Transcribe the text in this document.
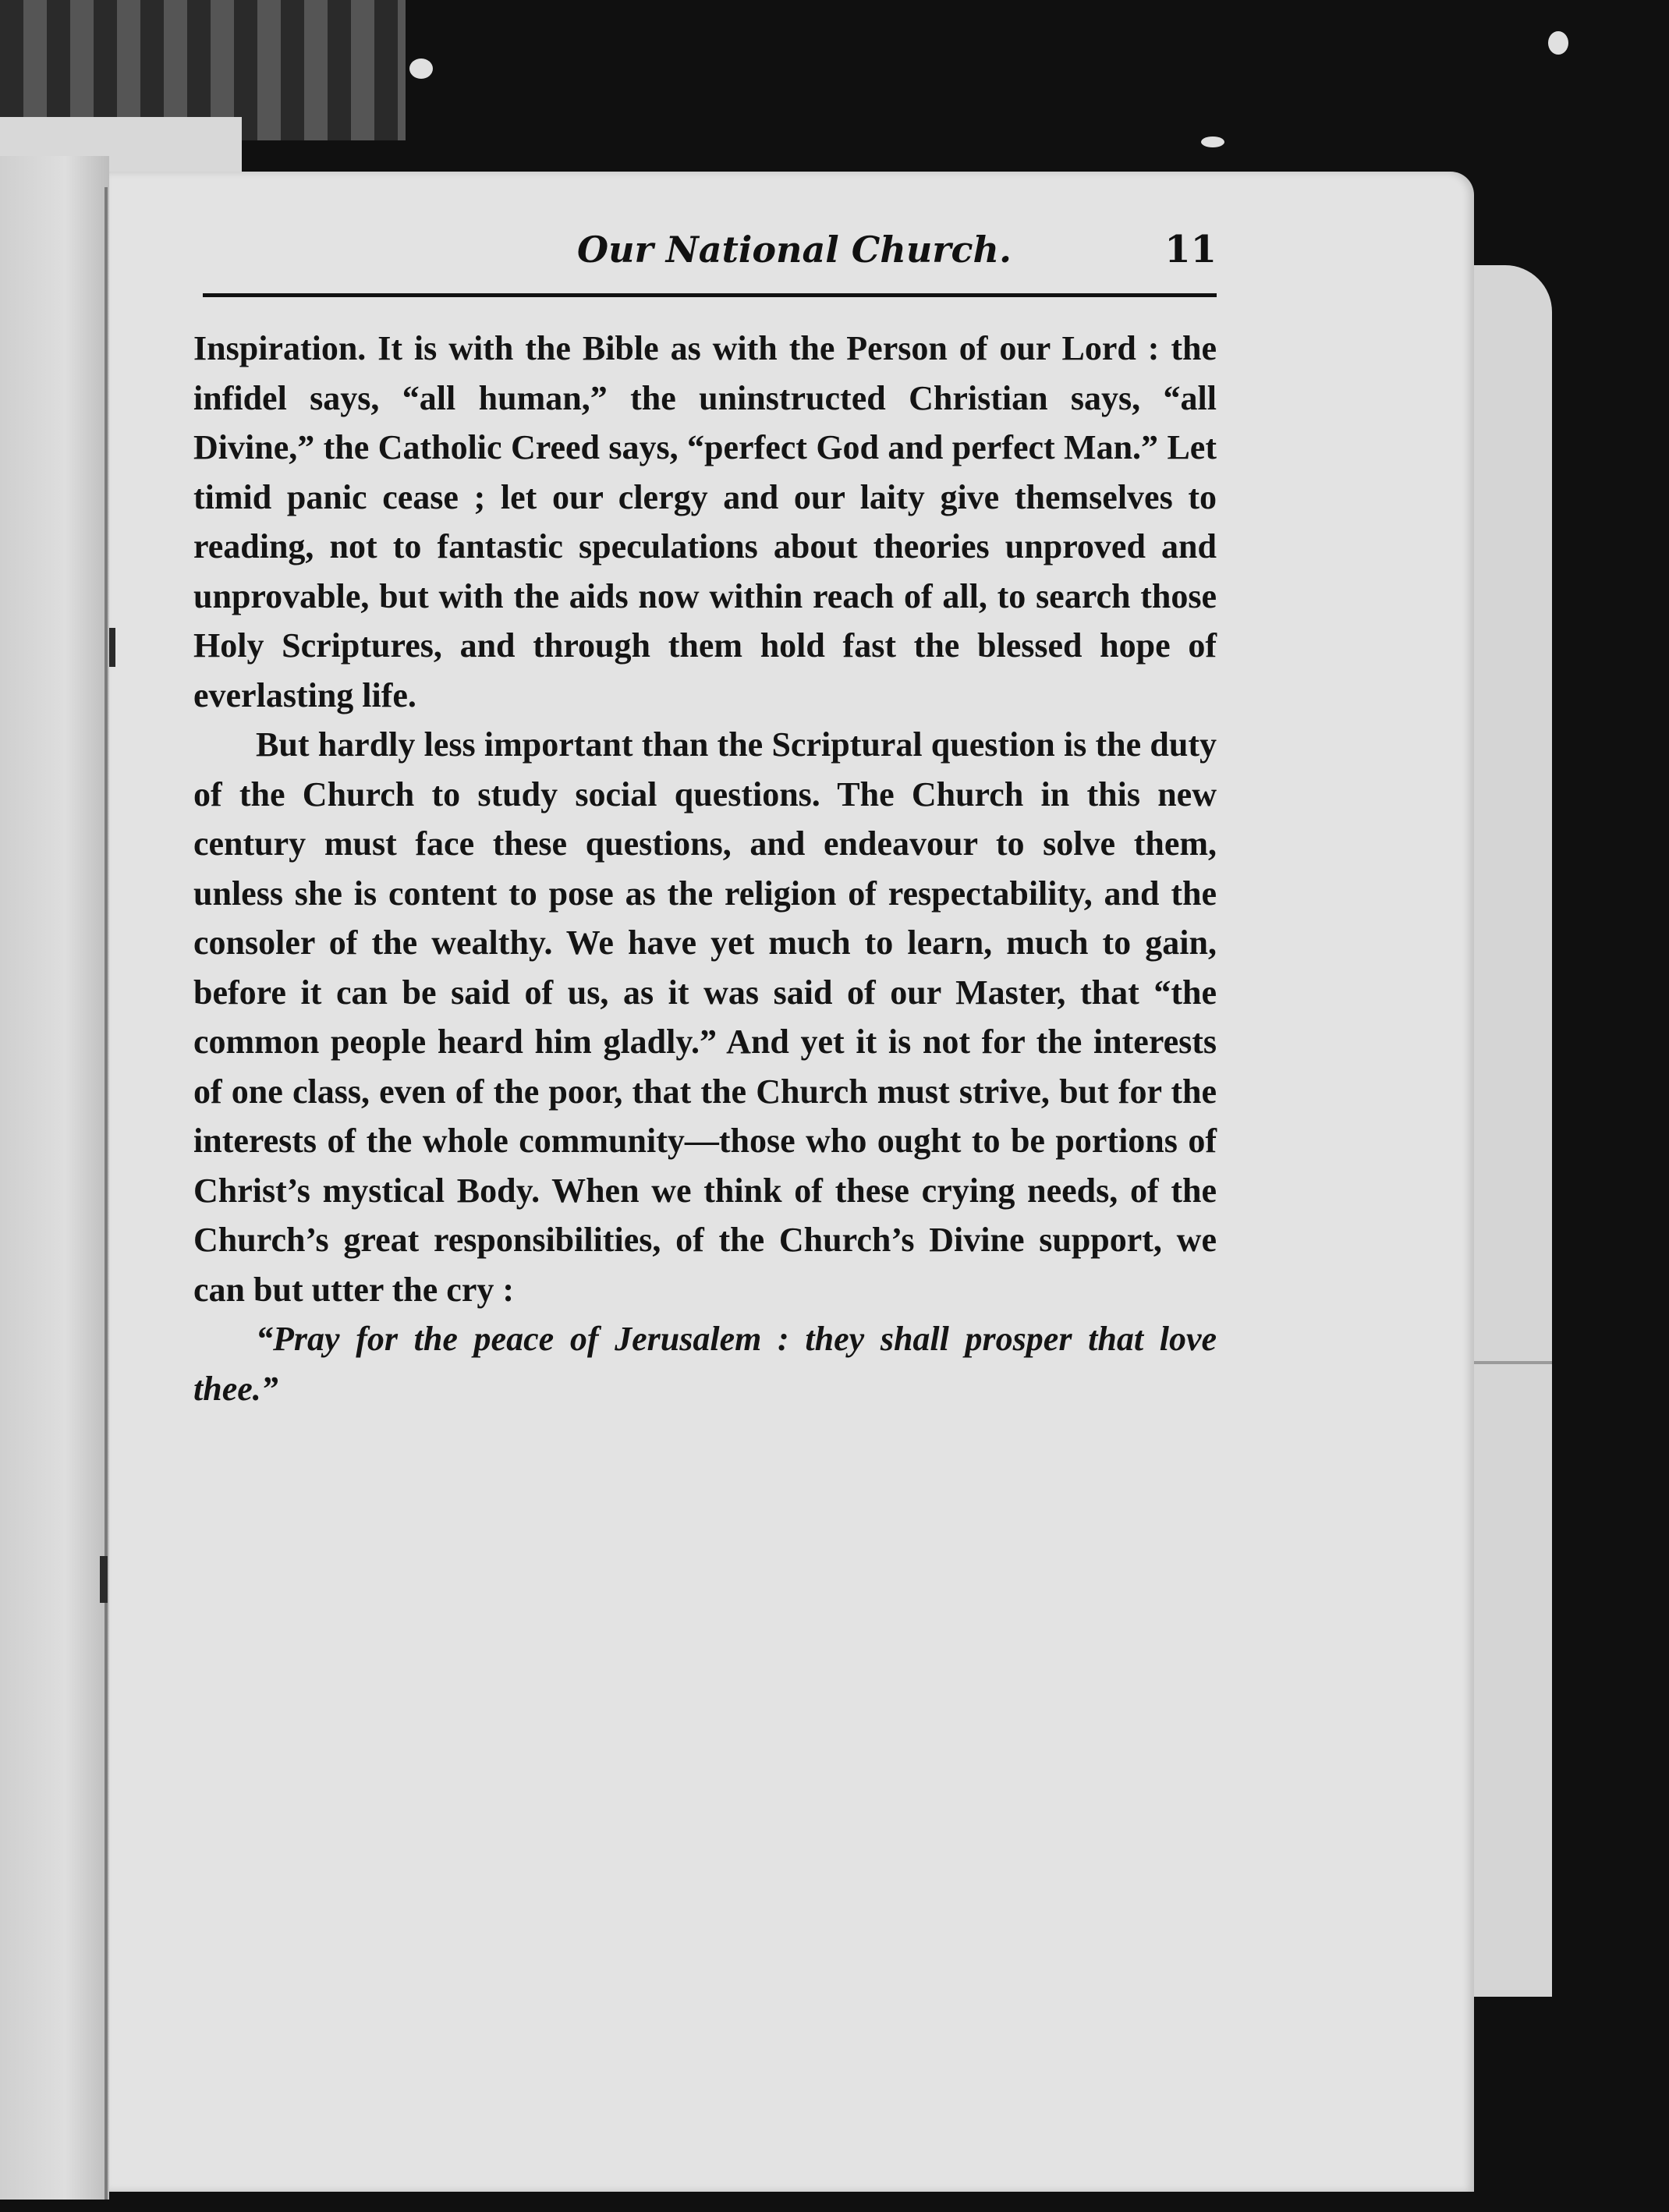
Our National Church.	11

Inspiration. It is with the Bible as with the Person of our Lord : the infidel says, “all human,” the uninstructed Christian says, “all Divine,” the Catholic Creed says, “perfect God and perfect Man.” Let timid panic cease ; let our clergy and our laity give themselves to reading, not to fantastic speculations about theories unproved and unprovable, but with the aids now within reach of all, to search those Holy Scriptures, and through them hold fast the blessed hope of everlasting life.

But hardly less important than the Scriptural question is the duty of the Church to study social questions. The Church in this new century must face these questions, and endeavour to solve them, unless she is content to pose as the religion of respectability, and the consoler of the wealthy. We have yet much to learn, much to gain, before it can be said of us, as it was said of our Master, that “the common people heard him gladly.” And yet it is not for the interests of one class, even of the poor, that the Church must strive, but for the interests of the whole community—those who ought to be portions of Christ’s mystical Body. When we think of these crying needs, of the Church’s great responsibilities, of the Church’s Divine support, we can but utter the cry :

“Pray for the peace of Jerusalem : they shall prosper that love thee.”
